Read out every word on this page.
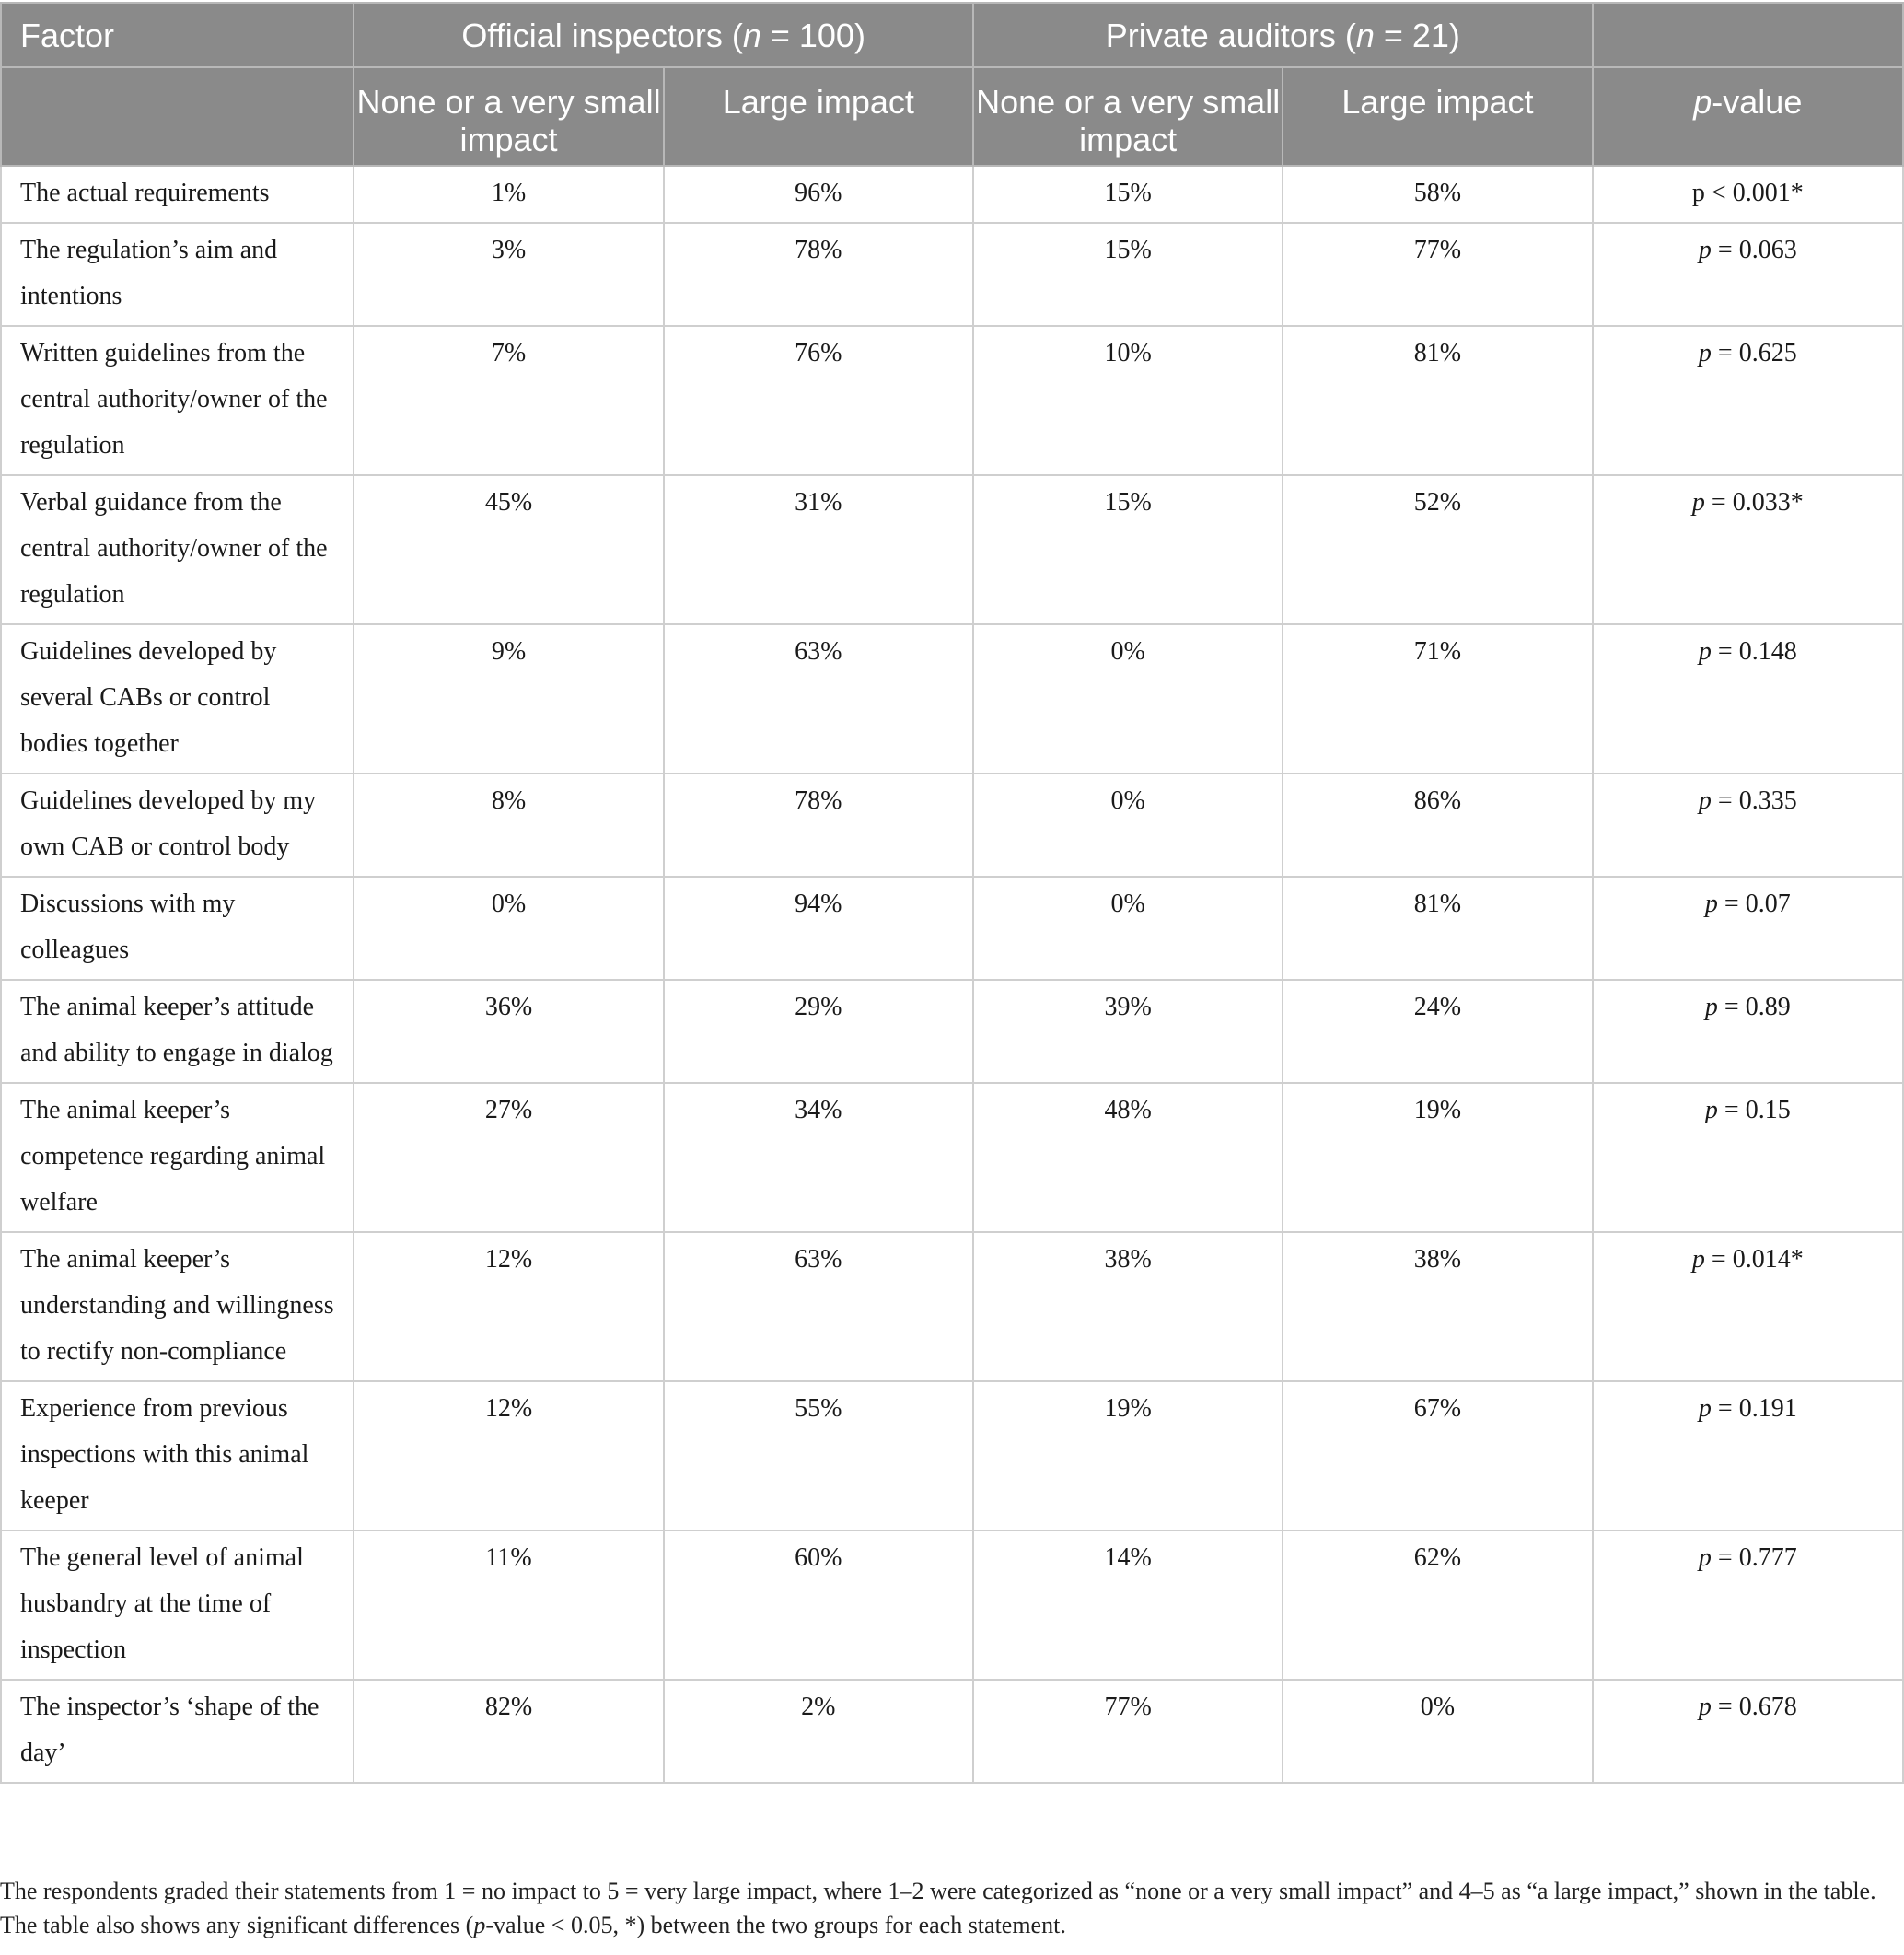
Factor	Official inspectors (n = 100)		Private auditors (n = 21)		
	None or a very small impact	Large impact	None or a very small impact	Large impact	p-value
The actual requirements	1%	96%	15%	58%	p < 0.001*
The regulation’s aim and intentions	3%	78%	15%	77%	p = 0.063
Written guidelines from the central authority/owner of the regulation	7%	76%	10%	81%	p = 0.625
Verbal guidance from the central authority/owner of the regulation	45%	31%	15%	52%	p = 0.033*
Guidelines developed by several CABs or control bodies together	9%	63%	0%	71%	p = 0.148
Guidelines developed by my own CAB or control body	8%	78%	0%	86%	p = 0.335
Discussions with my colleagues	0%	94%	0%	81%	p = 0.07
The animal keeper’s attitude and ability to engage in dialog	36%	29%	39%	24%	p = 0.89
The animal keeper’s competence regarding animal welfare	27%	34%	48%	19%	p = 0.15
The animal keeper’s understanding and willingness to rectify non-compliance	12%	63%	38%	38%	p = 0.014*
Experience from previous inspections with this animal keeper	12%	55%	19%	67%	p = 0.191
The general level of animal husbandry at the time of inspection	11%	60%	14%	62%	p = 0.777
The inspector’s ‘shape of the day’	82%	2%	77%	0%	p = 0.678
The respondents graded their statements from 1 = no impact to 5 = very large impact, where 1–2 were categorized as “none or a very small impact” and 4–5 as “a large impact,” shown in the table. The table also shows any significant differences (p-value < 0.05, *) between the two groups for each statement.
